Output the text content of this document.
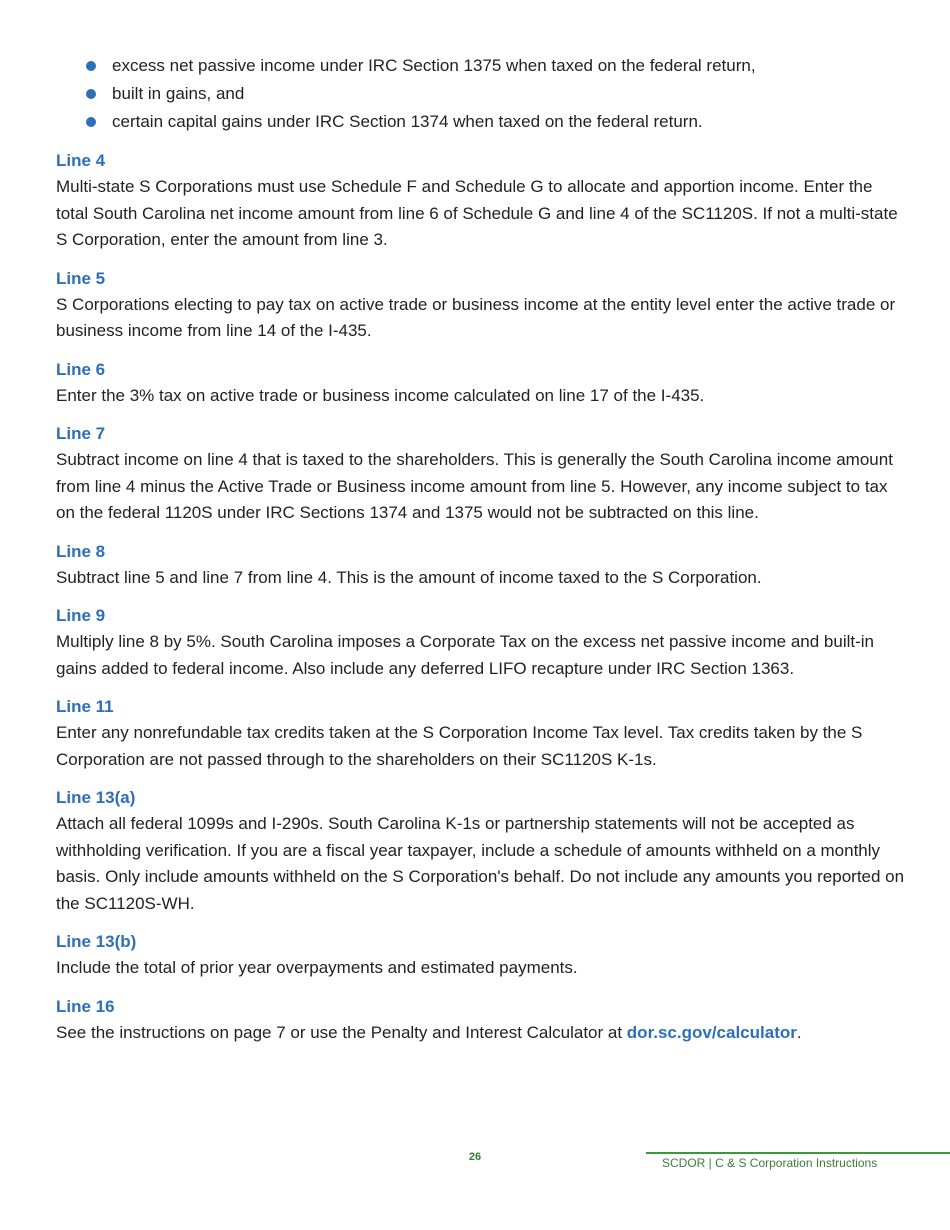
excess net passive income under IRC Section 1375 when taxed on the federal return,
built in gains, and
certain capital gains under IRC Section 1374 when taxed on the federal return.
Line 4

Multi-state S Corporations must use Schedule F and Schedule G to allocate and apportion income. Enter the total South Carolina net income amount from line 6 of Schedule G and line 4 of the SC1120S. If not a multi-state S Corporation, enter the amount from line 3.

Line 5

S Corporations electing to pay tax on active trade or business income at the entity level enter the active trade or business income from line 14 of the I-435.

Line 6

Enter the 3% tax on active trade or business income calculated on line 17 of the I-435.

Line 7

Subtract income on line 4 that is taxed to the shareholders. This is generally the South Carolina income amount from line 4 minus the Active Trade or Business income amount from line 5. However, any income subject to tax on the federal 1120S under IRC Sections 1374 and 1375 would not be subtracted on this line.

Line 8

Subtract line 5 and line 7 from line 4. This is the amount of income taxed to the S Corporation.

Line 9

Multiply line 8 by 5%. South Carolina imposes a Corporate Tax on the excess net passive income and built-in gains added to federal income. Also include any deferred LIFO recapture under IRC Section 1363.

Line 11

Enter any nonrefundable tax credits taken at the S Corporation Income Tax level. Tax credits taken by the S Corporation are not passed through to the shareholders on their SC1120S K-1s.

Line 13(a)

Attach all federal 1099s and I-290s. South Carolina K-1s or partnership statements will not be accepted as withholding verification. If you are a fiscal year taxpayer, include a schedule of amounts withheld on a monthly basis. Only include amounts withheld on the S Corporation's behalf. Do not include any amounts you reported on the SC1120S-WH.

Line 13(b)

Include the total of prior year overpayments and estimated payments.

Line 16

See the instructions on page 7 or use the Penalty and Interest Calculator at dor.sc.gov/calculator.

26	SCDOR | C & S Corporation Instructions
